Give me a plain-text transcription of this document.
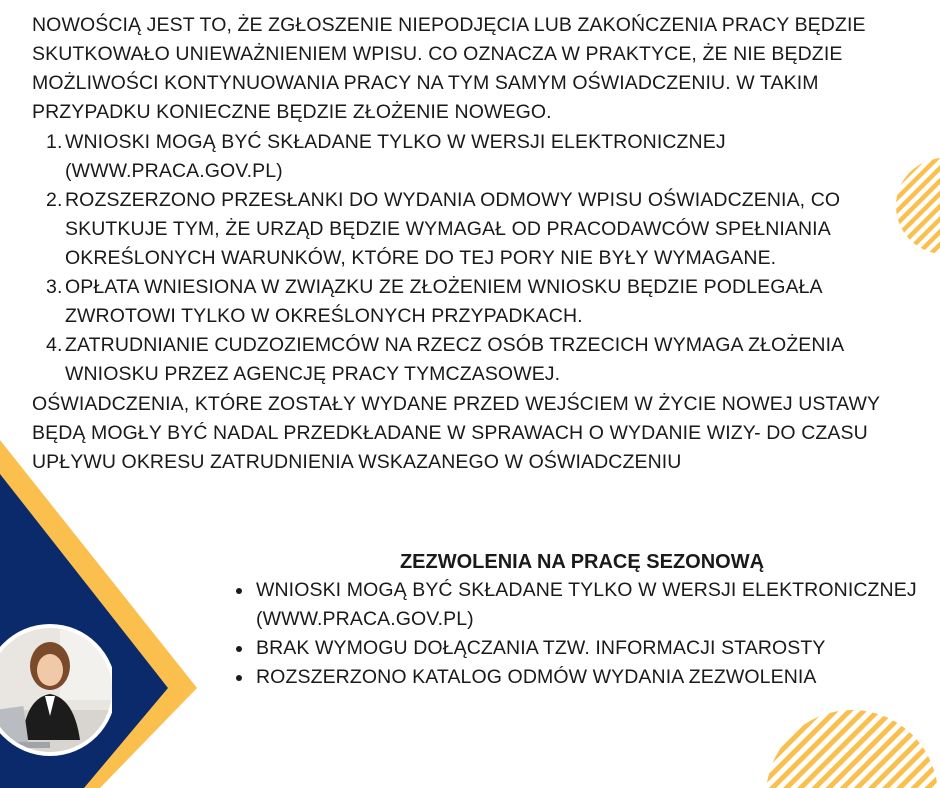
NOWOŚCIĄ JEST TO, ŻE ZGŁOSZENIE NIEPODJĘCIA LUB ZAKOŃCZENIA PRACY BĘDZIE SKUTKOWAŁO UNIEWAŻNIENIEM WPISU. CO OZNACZA W PRAKTYCE, ŻE NIE BĘDZIE MOŻLIWOŚCI KONTYNUOWANIA PRACY NA TYM SAMYM OŚWIADCZENIU. W TAKIM PRZYPADKU KONIECZNE BĘDZIE ZŁOŻENIE NOWEGO.

1. WNIOSKI MOGĄ BYĆ SKŁADANE TYLKO W WERSJI ELEKTRONICZNEJ (WWW.PRACA.GOV.PL)
2. ROZSZERZONO PRZESŁANKI DO WYDANIA ODMOWY WPISU OŚWIADCZENIA, CO SKUTKUJE TYM, ŻE URZĄD BĘDZIE WYMAGAŁ OD PRACODAWCÓW SPEŁNIANIA OKREŚLONYCH WARUNKÓW, KTÓRE DO TEJ PORY NIE BYŁY WYMAGANE.
3. OPŁATA WNIESIONA W ZWIĄZKU ZE ZŁOŻENIEM WNIOSKU BĘDZIE PODLEGAŁA ZWROTOWI TYLKO W OKREŚLONYCH PRZYPADKACH.
4. ZATRUDNIANIE CUDZOZIEMCÓW NA RZECZ OSÓB TRZECICH WYMAGA ZŁOŻENIA WNIOSKU PRZEZ AGENCJĘ PRACY TYMCZASOWEJ.

OŚWIADCZENIA, KTÓRE ZOSTAŁY WYDANE PRZED WEJŚCIEM W ŻYCIE NOWEJ USTAWY BĘDĄ MOGŁY BYĆ NADAL PRZEDKŁADANE W SPRAWACH O WYDANIE WIZY- DO CZASU UPŁYWU OKRESU ZATRUDNIENIA WSKAZANEGO W OŚWIADCZENIU

ZEZWOLENIA NA PRACĘ SEZONOWĄ
WNIOSKI MOGĄ BYĆ SKŁADANE TYLKO W WERSJI ELEKTRONICZNEJ (WWW.PRACA.GOV.PL)
BRAK WYMOGU DOŁĄCZANIA TZW. INFORMACJI STAROSTY
ROZSZERZONO KATALOG ODMÓW WYDANIA ZEZWOLENIA
